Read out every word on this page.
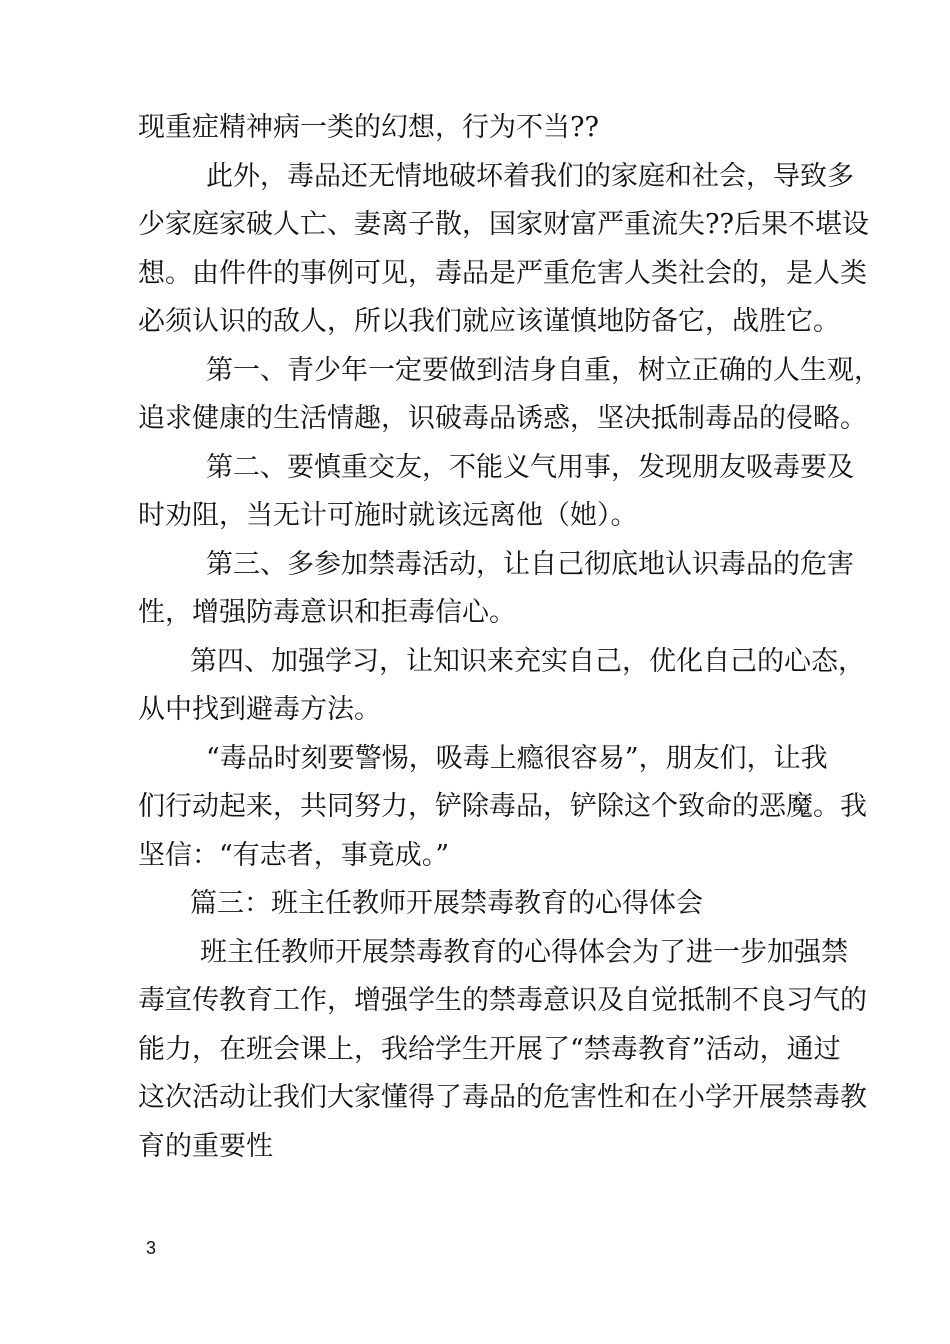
现重症精神病一类的幻想，行为不当??

此外，毒品还无情地破坏着我们的家庭和社会，导致多

少家庭家破人亡、妻离子散，国家财富严重流失??后果不堪设

想。由件件的事例可见，毒品是严重危害人类社会的，是人类

必须认识的敌人，所以我们就应该谨慎地防备它，战胜它。

第一、青少年一定要做到洁身自重，树立正确的人生观，

追求健康的生活情趣，识破毒品诱惑，坚决抵制毒品的侵略。

第二、要慎重交友，不能义气用事，发现朋友吸毒要及

时劝阻，当无计可施时就该远离他（她）。

第三、多参加禁毒活动，让自己彻底地认识毒品的危害

性，增强防毒意识和拒毒信心。

第四、加强学习，让知识来充实自己，优化自己的心态，

从中找到避毒方法。

“毒品时刻要警惕，吸毒上瘾很容易”，朋友们，让我

们行动起来，共同努力，铲除毒品，铲除这个致命的恶魔。我

坚信：“有志者，事竟成。”

篇三：班主任教师开展禁毒教育的心得体会

班主任教师开展禁毒教育的心得体会为了进一步加强禁

毒宣传教育工作，增强学生的禁毒意识及自觉抵制不良习气的

能力，在班会课上，我给学生开展了“禁毒教育”活动，通过

这次活动让我们大家懂得了毒品的危害性和在小学开展禁毒教

育的重要性

3
